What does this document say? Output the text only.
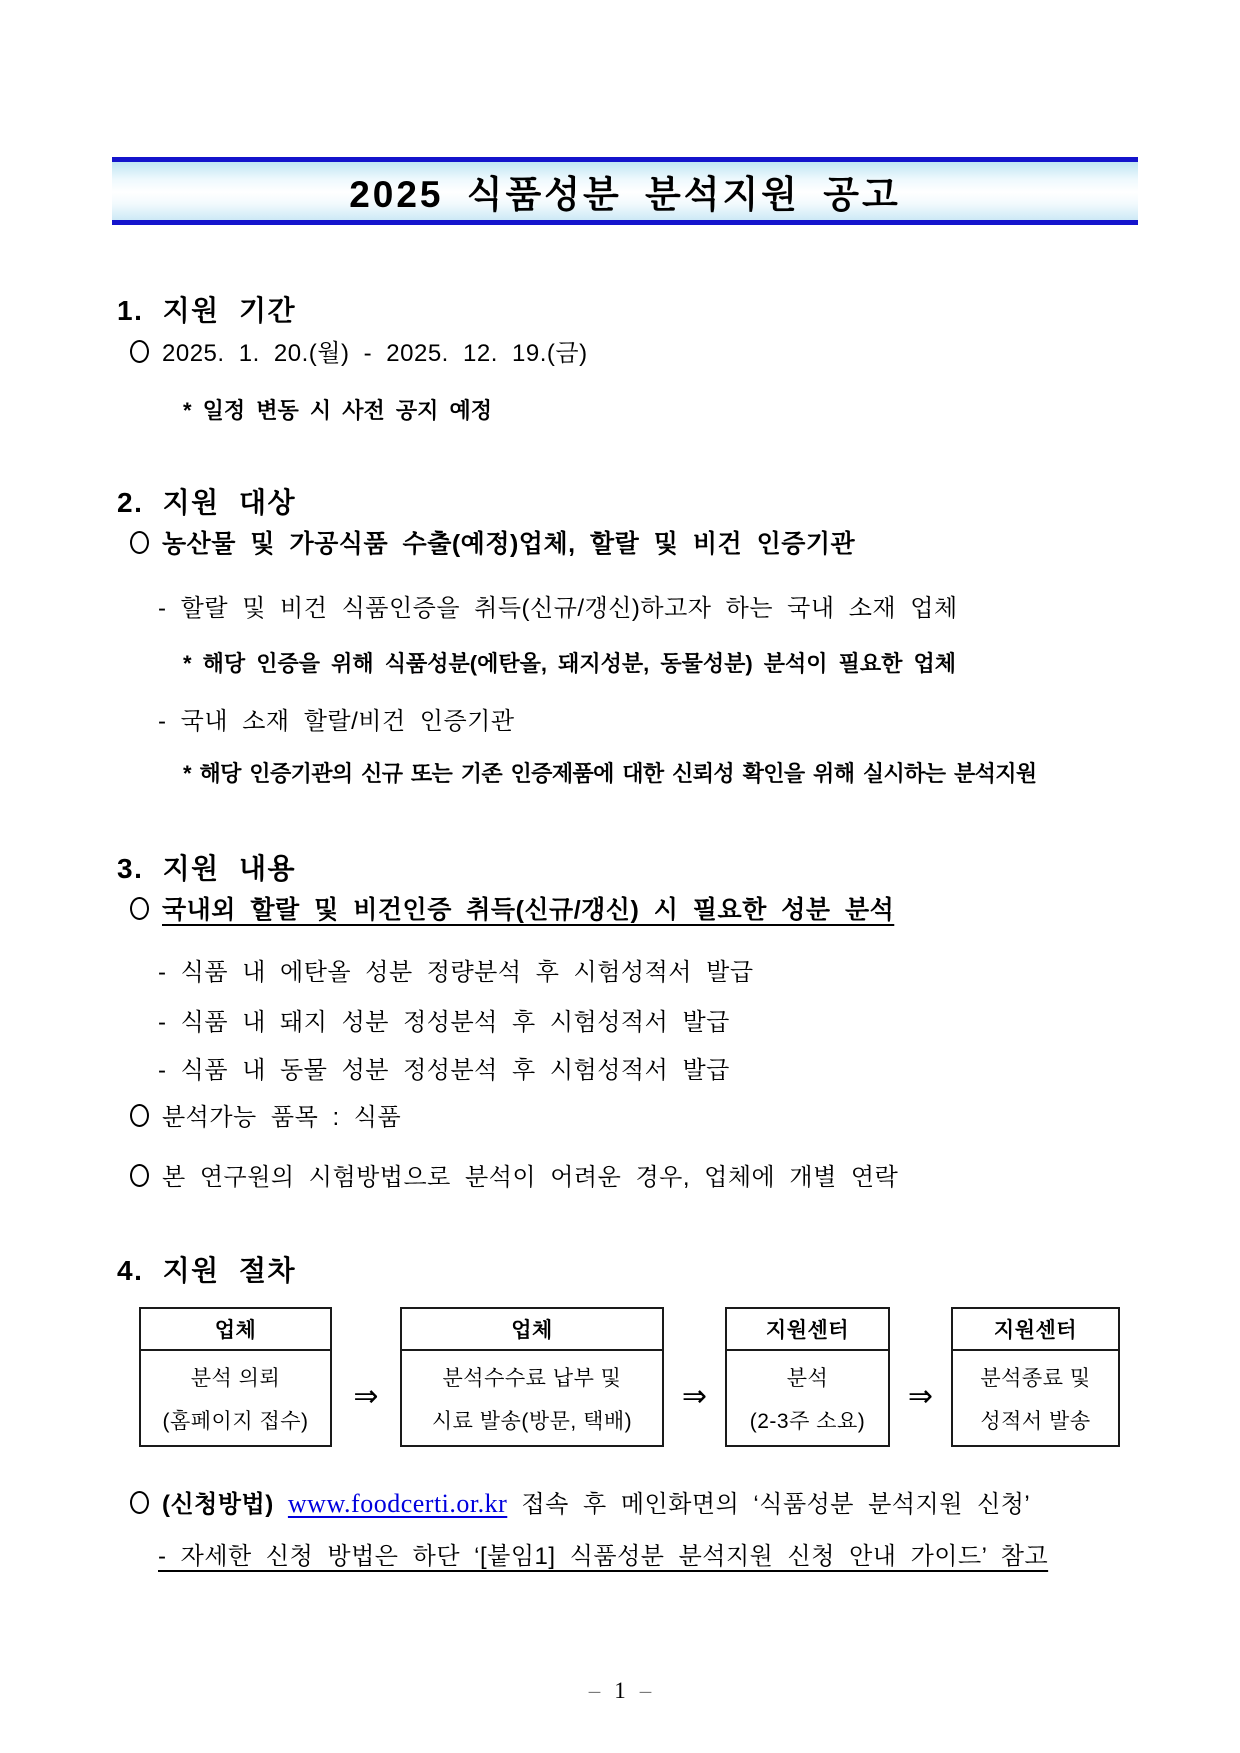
2025 식품성분 분석지원 공고
1. 지원 기간
2025. 1. 20.(월) - 2025. 12. 19.(금)
* 일정 변동 시 사전 공지 예정
2. 지원 대상
농산물 및 가공식품 수출(예정)업체, 할랄 및 비건 인증기관
- 할랄 및 비건 식품인증을 취득(신규/갱신)하고자 하는 국내 소재 업체
* 해당 인증을 위해 식품성분(에탄올, 돼지성분, 동물성분) 분석이 필요한 업체
- 국내 소재 할랄/비건 인증기관
* 해당 인증기관의 신규 또는 기존 인증제품에 대한 신뢰성 확인을 위해 실시하는 분석지원
3. 지원 내용
국내외 할랄 및 비건인증 취득(신규/갱신) 시 필요한 성분 분석
- 식품 내 에탄올 성분 정량분석 후 시험성적서 발급
- 식품 내 돼지 성분 정성분석 후 시험성적서 발급
- 식품 내 동물 성분 정성분석 후 시험성적서 발급
분석가능 품목 : 식품
본 연구원의 시험방법으로 분석이 어려운 경우, 업체에 개별 연락
4. 지원 절차
업체
분석 의뢰
(홈페이지 접수)
⇒
업체
분석수수료 납부 및
시료 발송(방문, 택배)
⇒
지원센터
분석
(2-3주 소요)
⇒
지원센터
분석종료 및
성적서 발송
(신청방법) www.foodcerti.or.kr 접속 후 메인화면의 ‘식품성분 분석지원 신청’
- 자세한 신청 방법은 하단 ‘[붙임1] 식품성분 분석지원 신청 안내 가이드’ 참고
– 1 –
